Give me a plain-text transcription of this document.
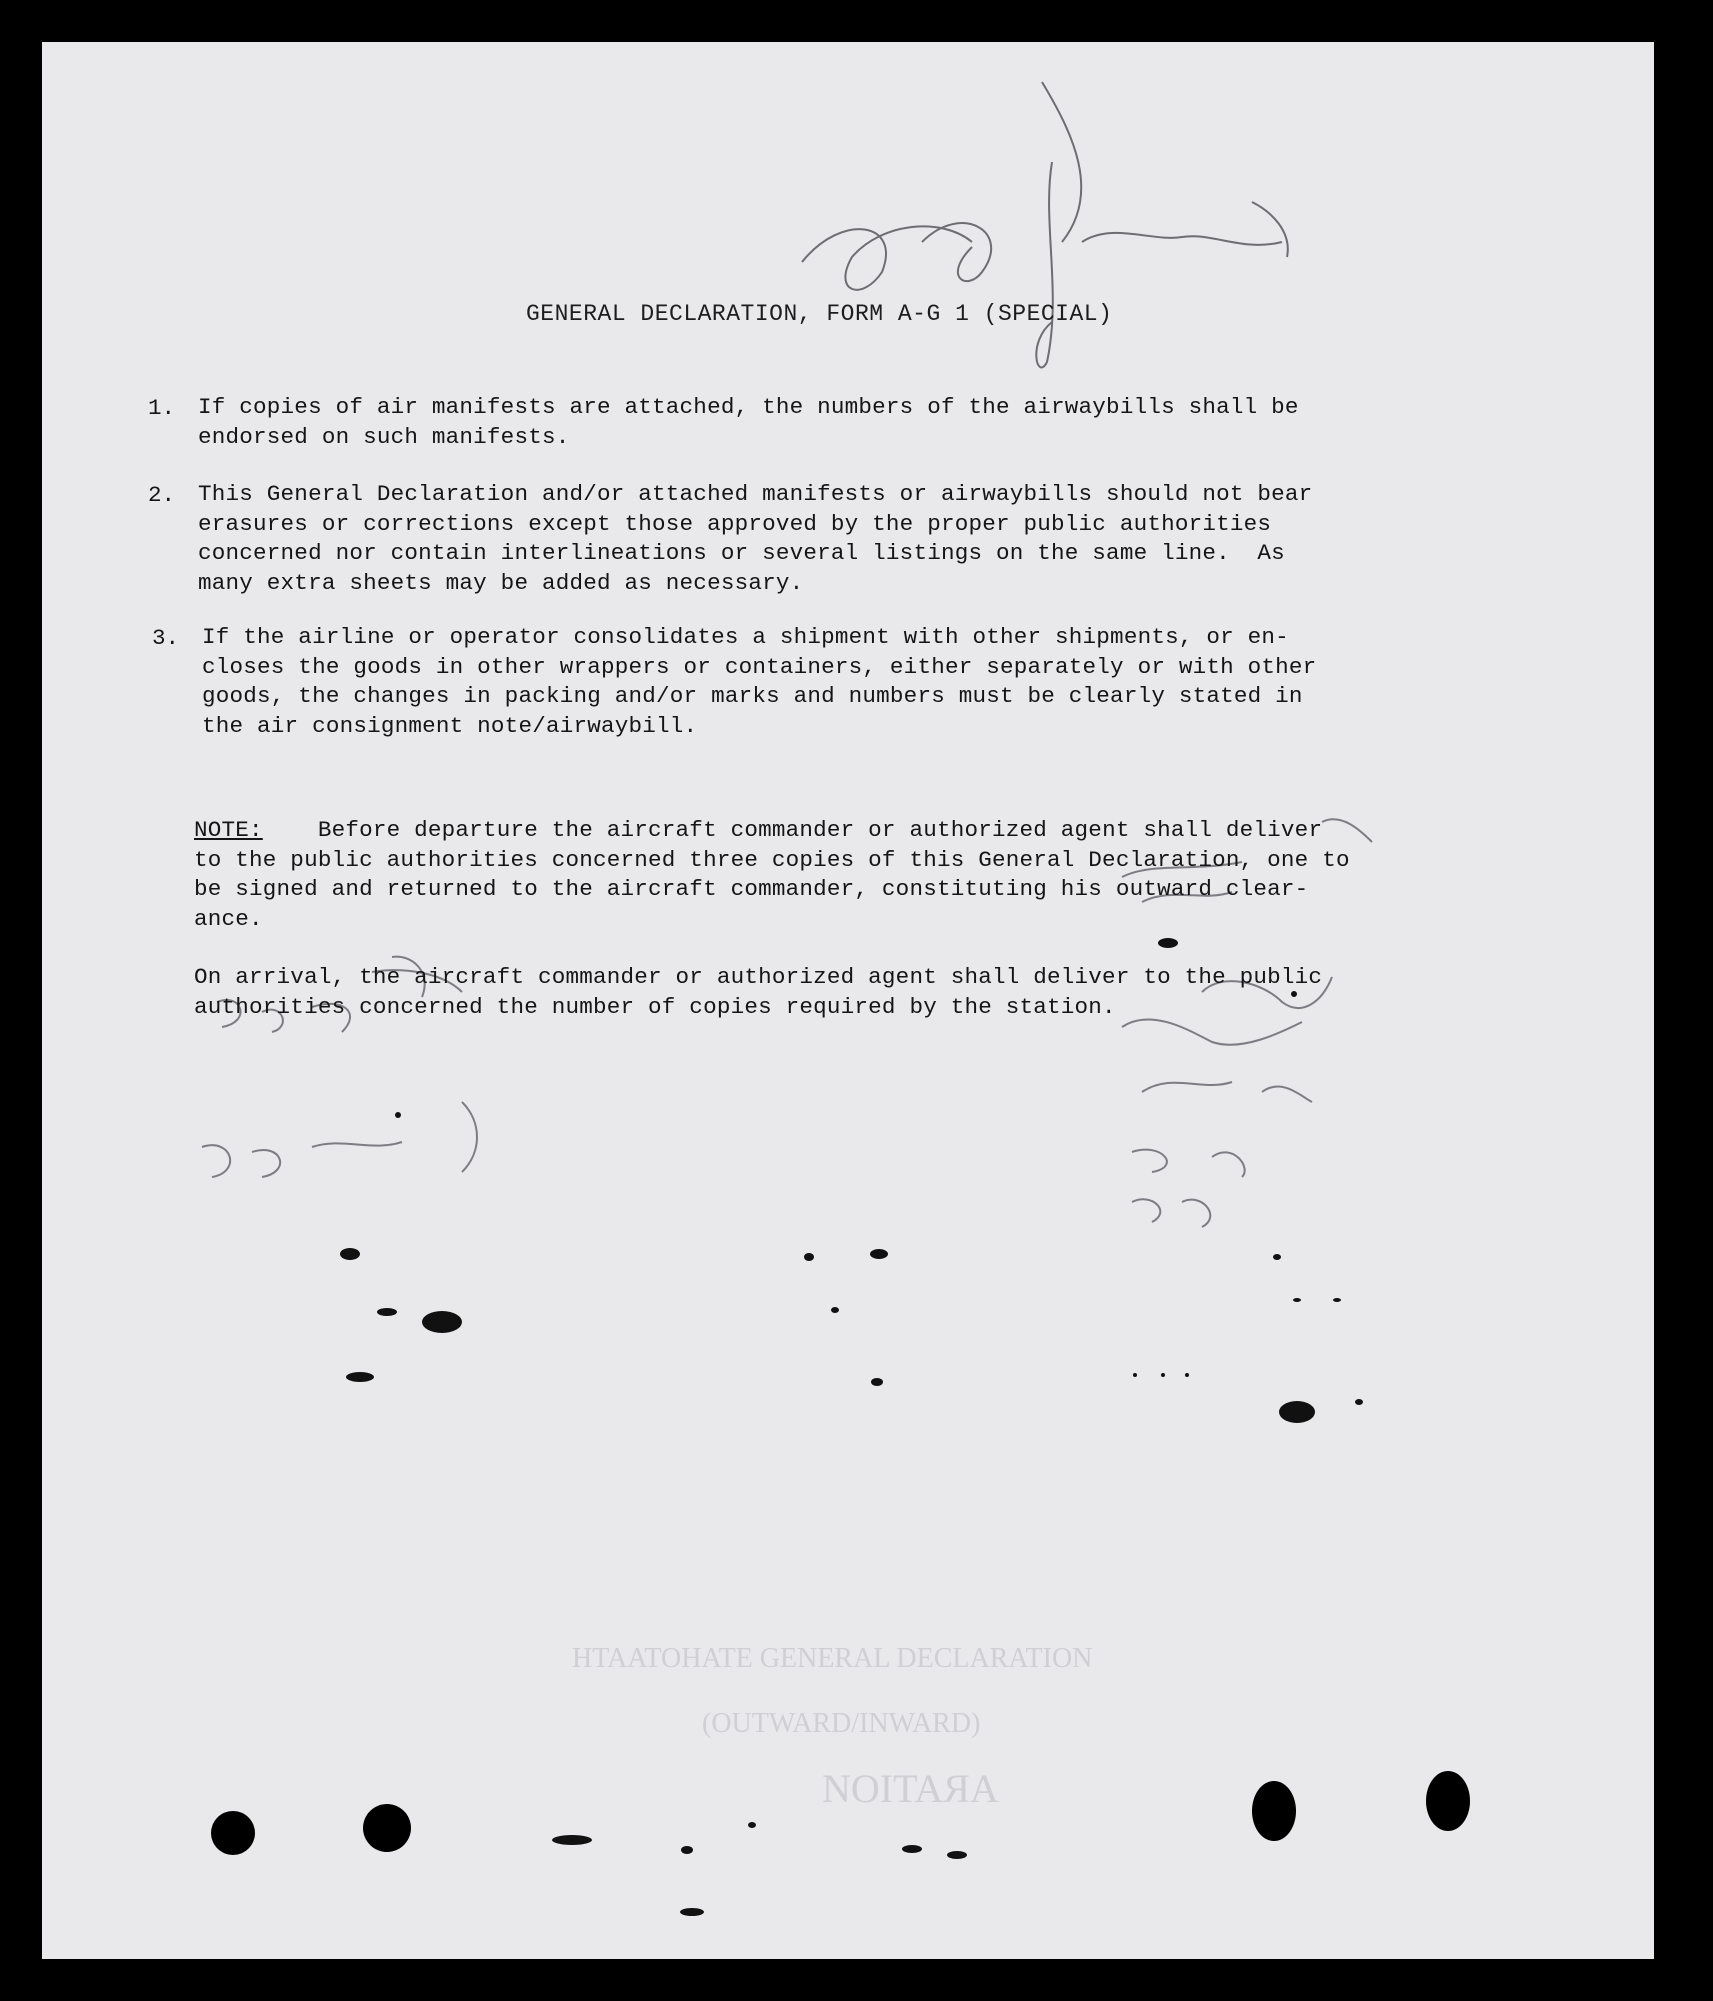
HTAATOHATE GENERAL DECLARATION
(OUTWARD/INWARD)
NOITAЯA
GENERAL DECLARATION, FORM A-G 1 (SPECIAL)
1. If copies of air manifests are attached, the numbers of the airwaybills shall be
endorsed on such manifests.
2. This General Declaration and/or attached manifests or airwaybills should not bear
erasures or corrections except those approved by the proper public authorities
concerned nor contain interlineations or several listings on the same line.  As
many extra sheets may be added as necessary.
3. If the airline or operator consolidates a shipment with other shipments, or en-
closes the goods in other wrappers or containers, either separately or with other
goods, the changes in packing and/or marks and numbers must be clearly stated in
the air consignment note/airwaybill.
NOTE:    Before departure the aircraft commander or authorized agent shall deliver
to the public authorities concerned three copies of this General Declaration, one to
be signed and returned to the aircraft commander, constituting his outward clear-
ance.
On arrival, the aircraft commander or authorized agent shall deliver to the public
authorities concerned the number of copies required by the station.
